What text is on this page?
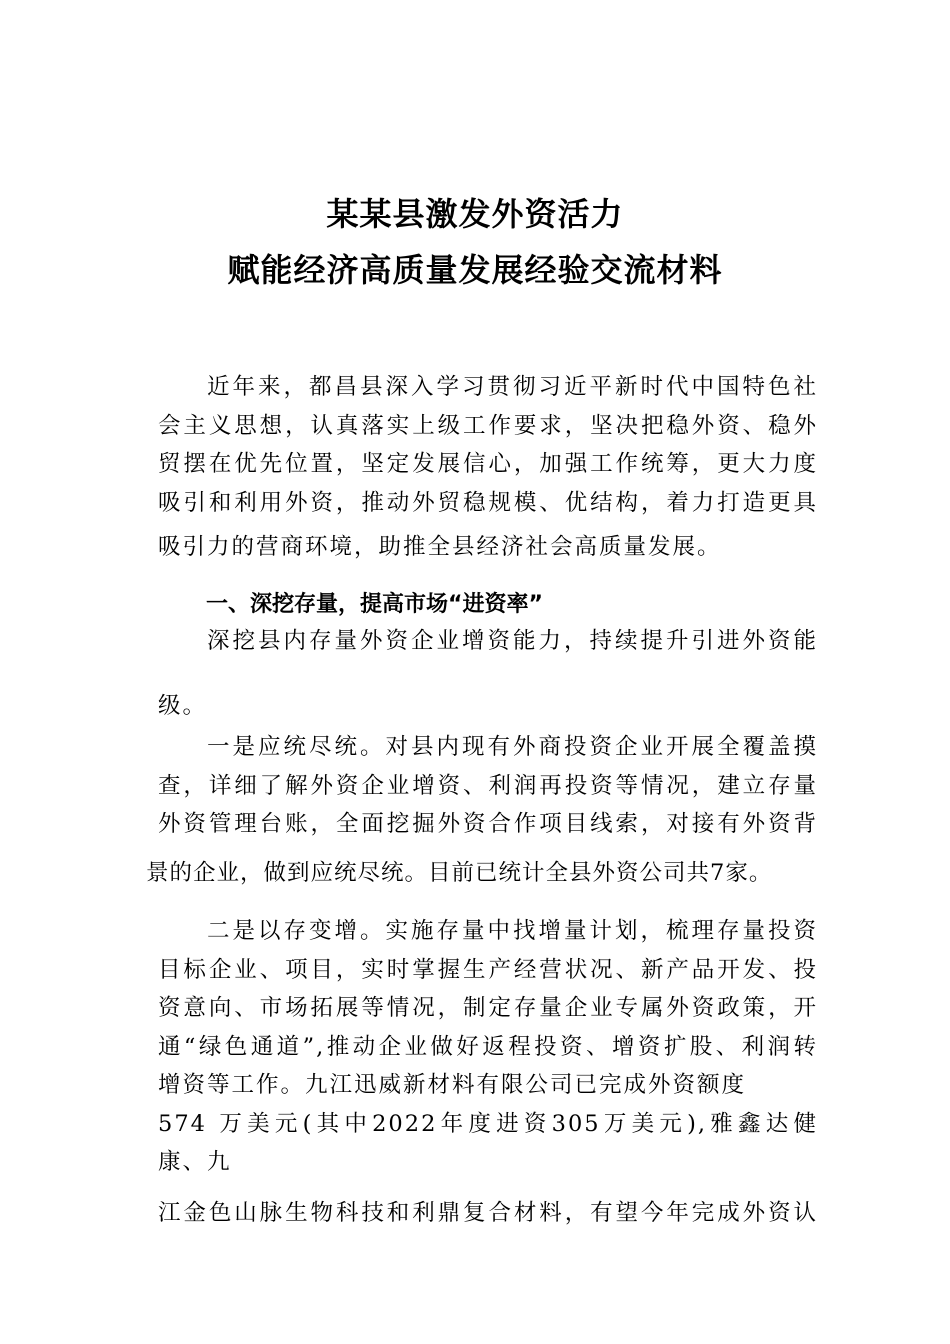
某某县激发外资活力
赋能经济高质量发展经验交流材料
近年来，都昌县深入学习贯彻习近平新时代中国特色社
会主义思想，认真落实上级工作要求，坚决把稳外资、稳外
贸摆在优先位置，坚定发展信心，加强工作统筹，更大力度
吸引和利用外资，推动外贸稳规模、优结构，着力打造更具
吸引力的营商环境，助推全县经济社会高质量发展。
一、深挖存量，提高市场“进资率”
深挖县内存量外资企业增资能力，持续提升引进外资能
级。
一是应统尽统。对县内现有外商投资企业开展全覆盖摸
查，详细了解外资企业增资、利润再投资等情况，建立存量
外资管理台账，全面挖掘外资合作项目线索，对接有外资背
景的企业，做到应统尽统。目前已统计全县外资公司共7家。
二是以存变增。实施存量中找增量计划，梳理存量投资
目标企业、项目，实时掌握生产经营状况、新产品开发、投
资意向、市场拓展等情况，制定存量企业专属外资政策，开
通“绿色通道”,推动企业做好返程投资、增资扩股、利润转
增资等工作。九江迅威新材料有限公司已完成外资额度
574 万美元(其中2022年度进资305万美元),雅鑫达健
康、九
江金色山脉生物科技和利鼎复合材料，有望今年完成外资认
